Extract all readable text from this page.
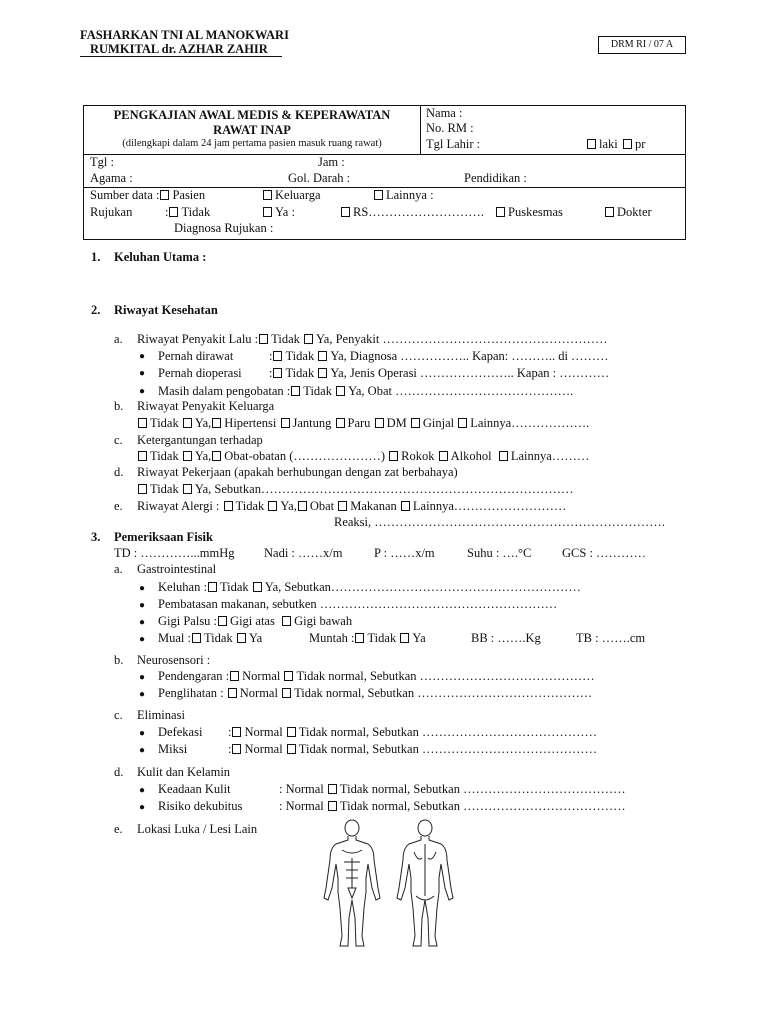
FASHARKAN TNI AL MANOKWARI
RUMKITAL dr. AZHAR ZAHIR	DRM RI / 07 A
PENGKAJIAN AWAL MEDIS & KEPERAWATAN
RAWAT INAP
(dilengkapi dalam 24 jam pertama pasien masuk ruang rawat)
Nama :
No. RM :
Tgl Lahir :	laki	pr
Tgl :	Jam :
Agama :	Gol. Darah :	Pendidikan :
Sumber data : Pasien	Keluarga	Lainnya :
Rujukan	: Tidak	Ya :	RS……………………….	Puskesmas	Dokter
Diagnosa Rujukan :
1. Keluhan Utama :
2. Riwayat Kesehatan
a. Riwayat Penyakit Lalu : Tidak Ya, Penyakit ………………………………………………
● Pernah dirawat	: Tidak Ya, Diagnosa …………….. Kapan: ……….. di ………
● Pernah dioperasi : Tidak Ya, Jenis Operasi ………………….. Kapan : …………
● Masih dalam pengobatan : Tidak Ya, Obat …………………………………….
b. Riwayat Penyakit Keluarga
Tidak Ya, Hipertensi Jantung Paru DM Ginjal Lainnya……………….
c. Ketergantungan terhadap
Tidak Ya, Obat-obatan (…………………) Rokok Alkohol Lainnya………
d. Riwayat Pekerjaan (apakah berhubungan dengan zat berbahaya)
Tidak Ya, Sebutkan…………………………………………………………………
e. Riwayat Alergi : Tidak Ya, Obat Makanan Lainnya………………………
Reaksi, …………………………………………………………….
3. Pemeriksaan Fisik
TD : …………...mmHg Nadi : ……x/m	P : ……x/m	Suhu : ….°C GCS : …………
a. Gastrointestinal
● Keluhan : Tidak Ya, Sebutkan……………………………………………………
● Pembatasan makanan, sebutken …………………………………………………
● Gigi Palsu : Gigi atas Gigi bawah
● Mual : Tidak Ya	Muntah : Tidak Ya	BB : …….Kg	TB : …….cm
b. Neurosensori :
● Pendengaran : Normal Tidak normal, Sebutkan ……………………………………
● Penglihatan : Normal Tidak normal, Sebutkan ……………………………………
c. Eliminasi
● Defekasi : Normal Tidak normal, Sebutkan ……………………………………
● Miksi	: Normal Tidak normal, Sebutkan ……………………………………
d. Kulit dan Kelamin
● Keadaan Kulit	: Normal Tidak normal, Sebutkan …………………………………
● Risiko dekubitus	: Normal Tidak normal, Sebutkan …………………………………
e. Lokasi Luka / Lesi Lain
